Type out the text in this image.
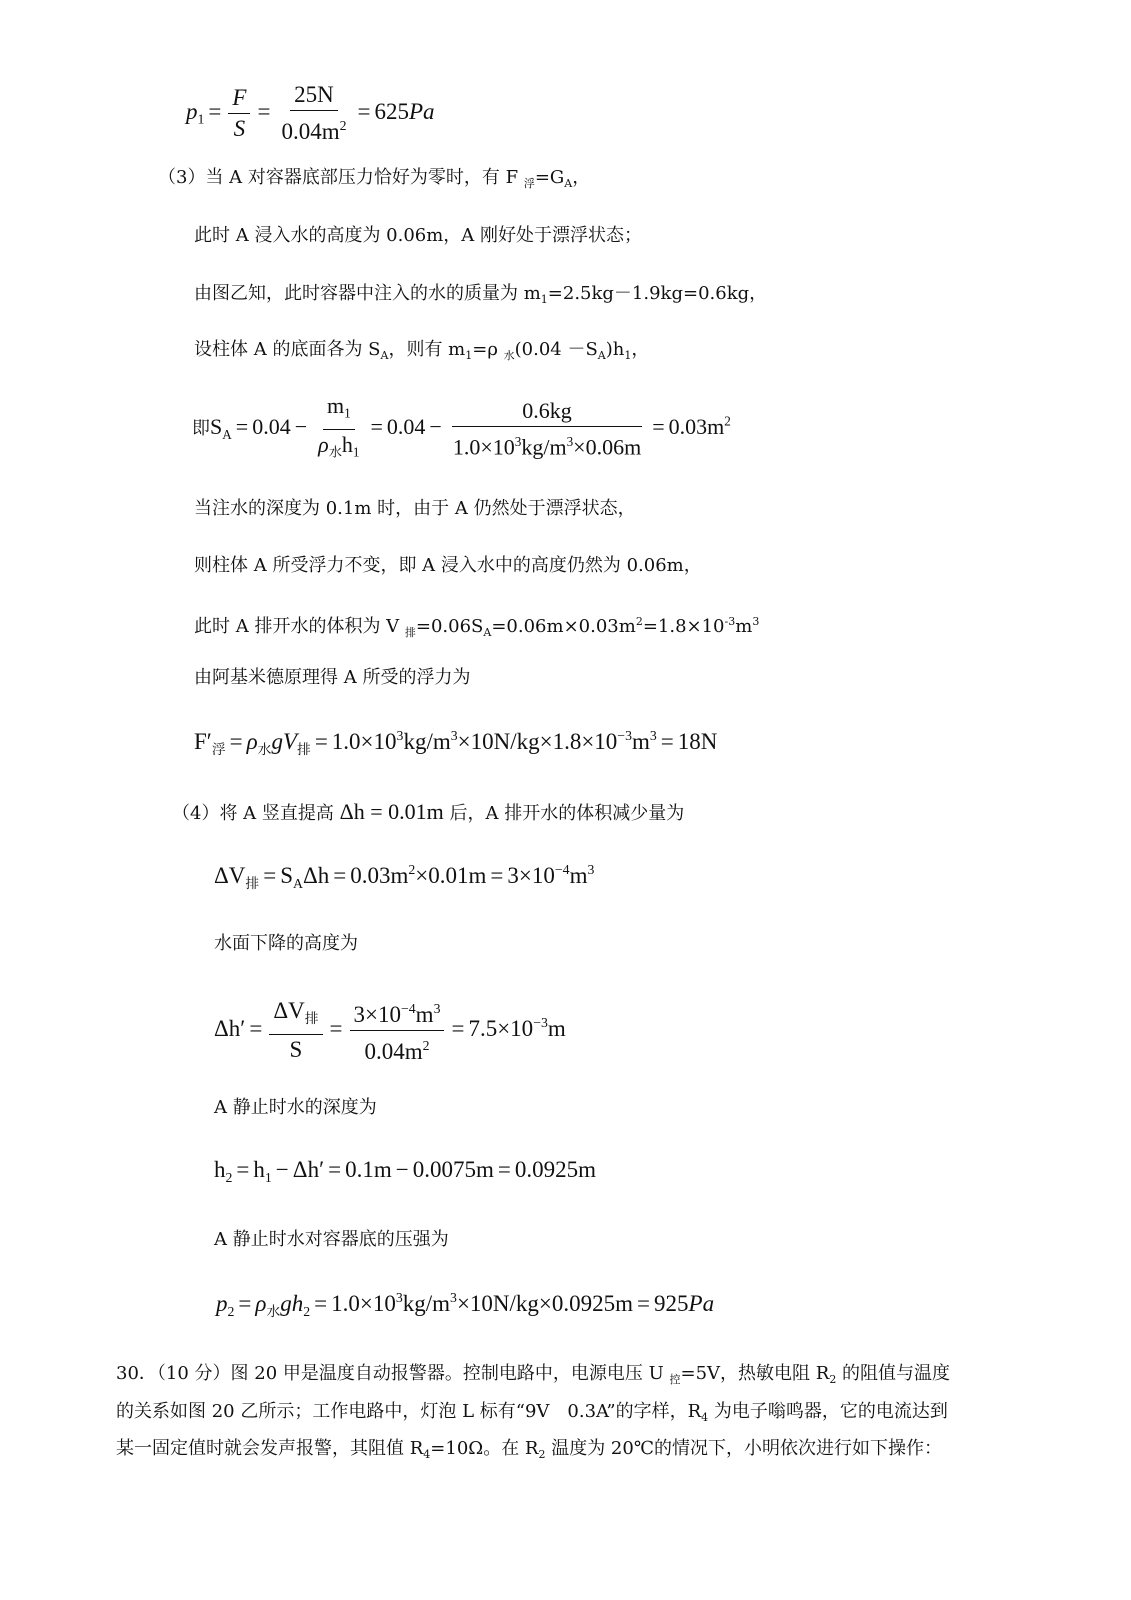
$p_1 = \frac{F}{S} = \frac{25N}{0.04m^2} = 625Pa$
（3）当 A 对容器底部压力恰好为零时，有 F $_浮=G_A$，
此时 A 浸入水的高度为 0.06m，A 刚好处于漂浮状态；
由图乙知，此时容器中注入的水的质量为 $m_1=2.5kg-1.9kg=0.6kg$，
设柱体 A 的底面各为 $S_A$，则有 $m_1=\rho$ $_水(0.04 -S_A)h_1$，
即$S_A = 0.04 - \frac{m_1}{\rho_水h_1} = 0.04 - \frac{0.6kg}{1.0\times 10^3kg/m^3\times 0.06m} = 0.03m^2$
当注水的深度为 0.1m 时，由于 A 仍然处于漂浮状态，
则柱体 A 所受浮力不变，即 A 浸入水中的高度仍然为 0.06m，
此时 A 排开水的体积为 V $_排=0.06S_A=0.06m\times 0.03m^2=1.8\times 10^{-3}m^3$
由阿基米德原理得 A 所受的浮力为
$F'_浮 = \rho_水gV_排 = 1.0\times 10^3kg/m^3\times 10N/kg\times 1.8\times 10^{-3}m^3 = 18N$
（4）将 A 竖直提高 Δh = 0.01m 后，A 排开水的体积减少量为
$\Delta V_排 = S_A\Delta h = 0.03m^2\times 0.01m = 3\times 10^{-4}m^3$
水面下降的高度为
$\Delta h' = \frac{\Delta V_排}{S} = \frac{3\times 10^{-4}m^3}{0.04m^2} = 7.5\times 10^{-3}m$
A 静止时水的深度为
$h_2 = h_1 - \Delta h' = 0.1m - 0.0075m = 0.0925m$
A 静止时水对容器底的压强为
$p_2 = \rho_水gh_2 = 1.0\times 10^3kg/m^3\times 10N/kg\times 0.0925m = 925Pa$
30．（10 分）图 20 甲是温度自动报警器。控制电路中，电源电压 U $_控$=5V，热敏电阻 $R_2$ 的阻值与温度
的关系如图 20 乙所示；工作电路中，灯泡 L 标有“9V　0.3A”的字样，$R_4$ 为电子嗡鸣器，它的电流达到
某一固定值时就会发声报警，其阻值 $R_4=10\Omega$。在 $R_2$ 温度为 20℃的情况下，小明依次进行如下操作：
